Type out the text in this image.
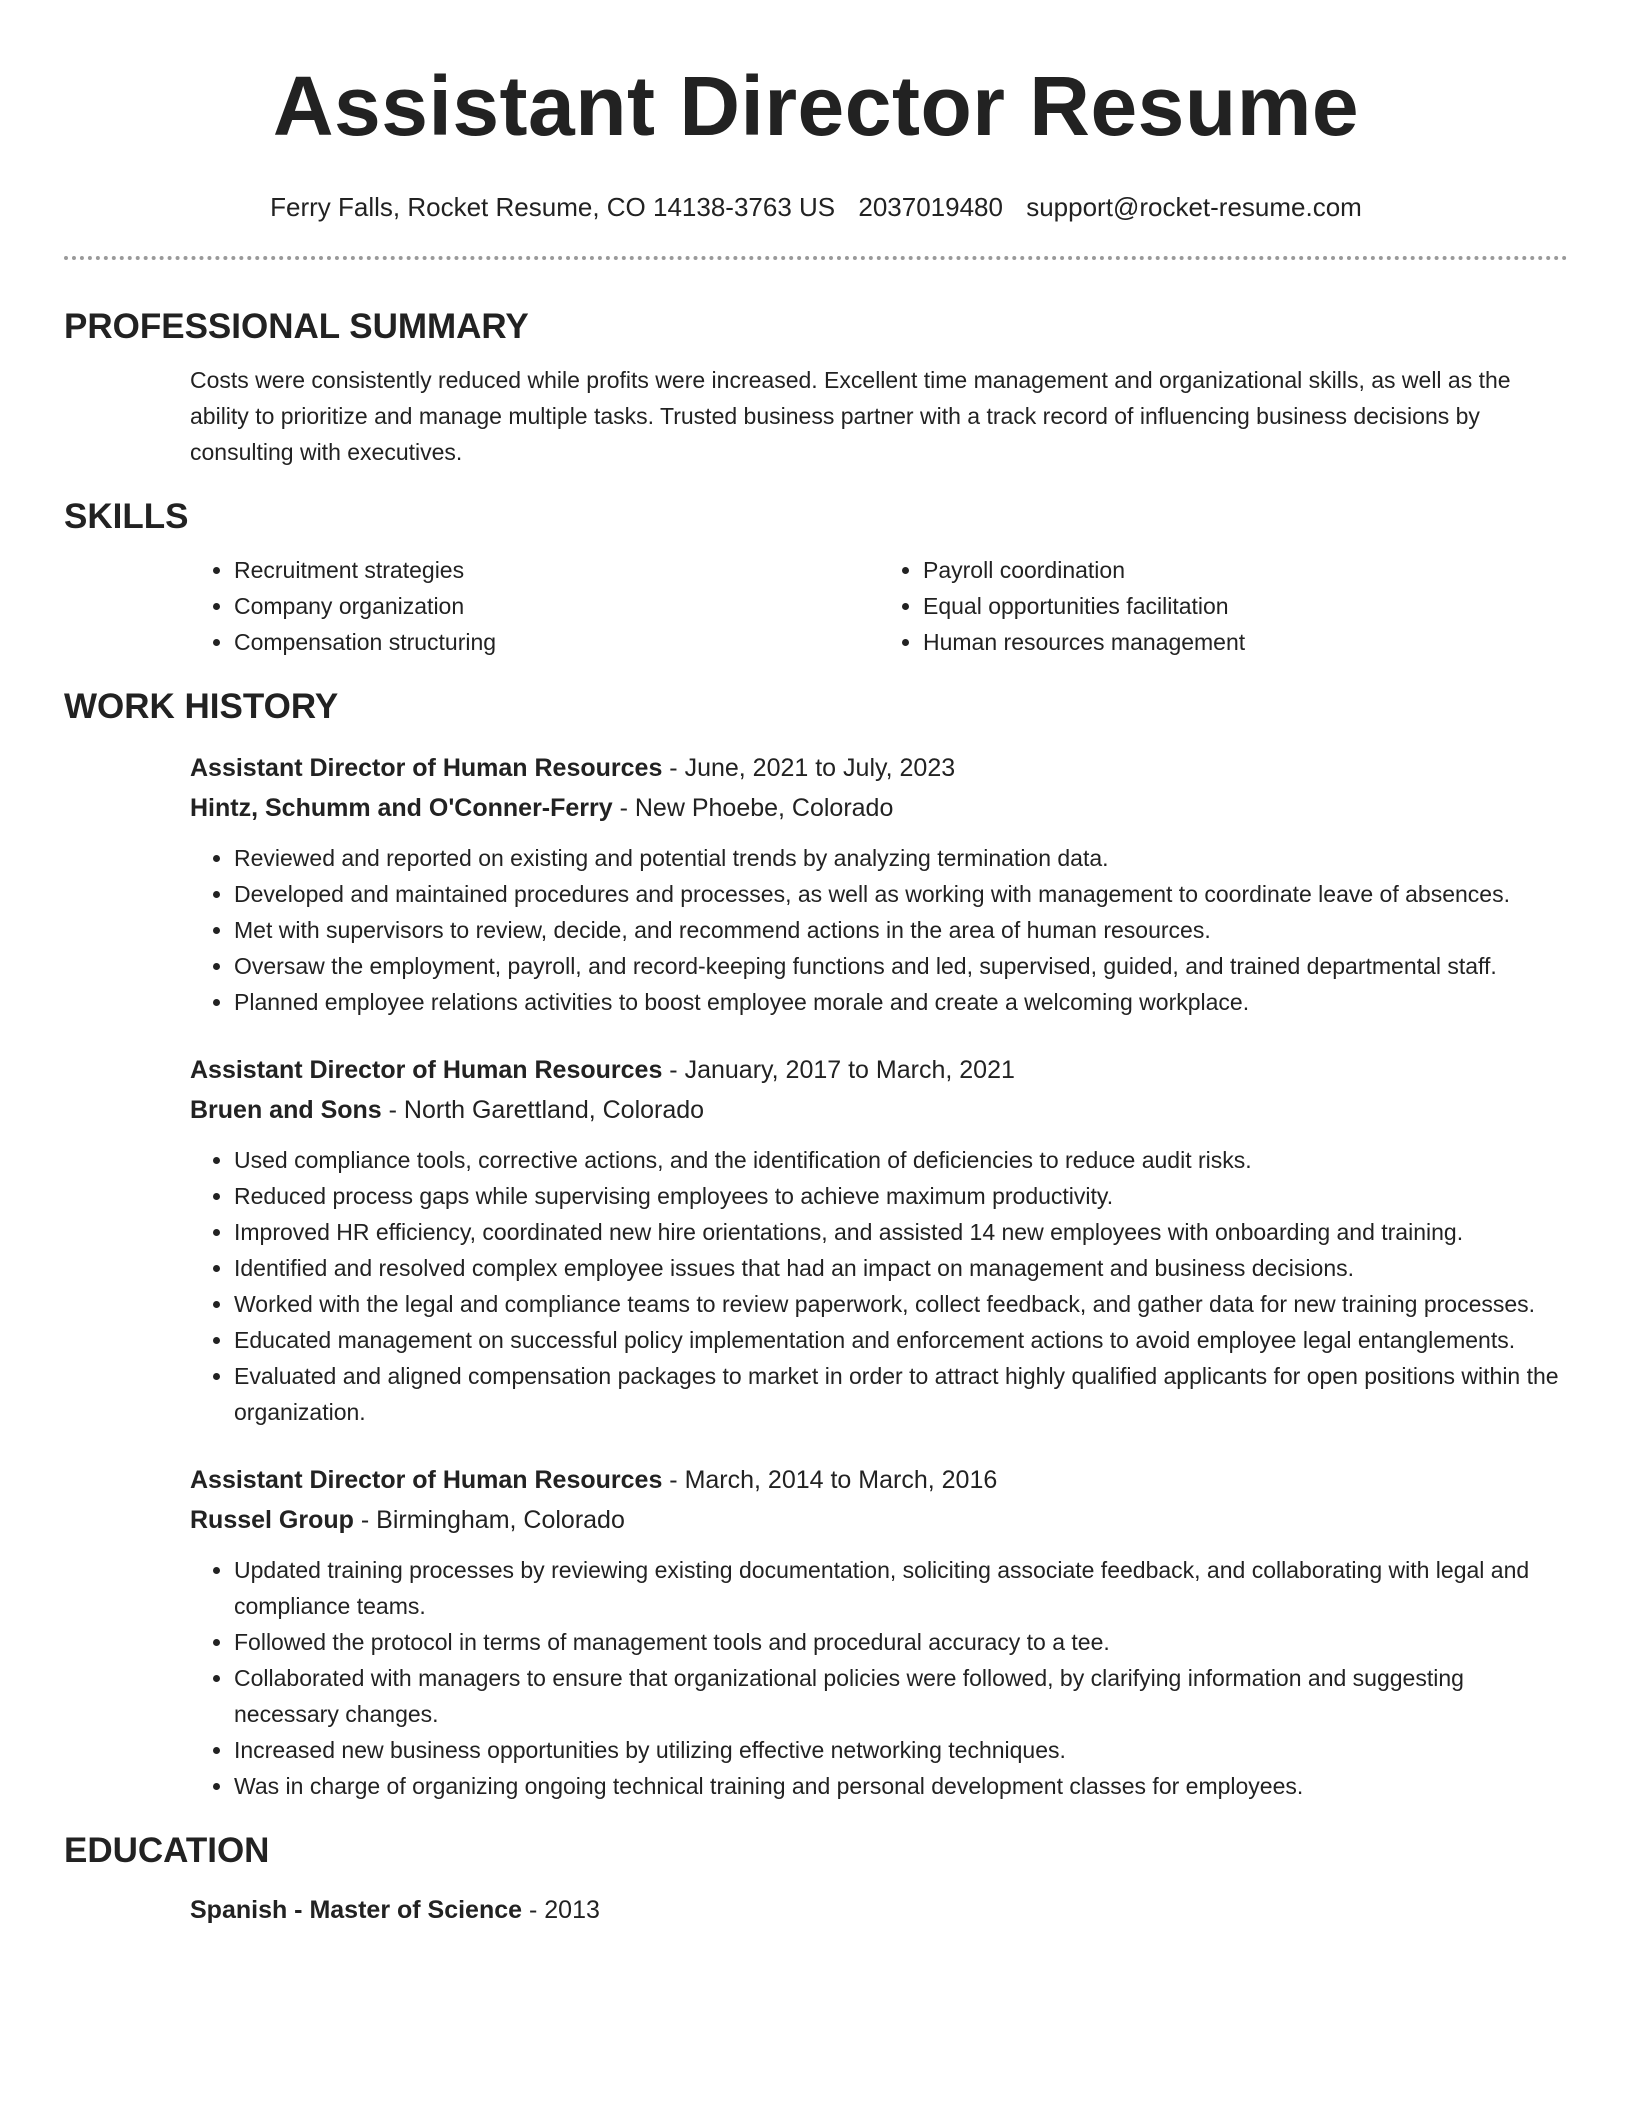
Assistant Director Resume
Ferry Falls, Rocket Resume, CO 14138-3763 US 2037019480 support@rocket-resume.com
PROFESSIONAL SUMMARY

Costs were consistently reduced while profits were increased. Excellent time management and organizational skills, as well as the ability to prioritize and manage multiple tasks. Trusted business partner with a track record of influencing business decisions by consulting with executives.

SKILLS
• Recruitment strategies
• Company organization
• Compensation structuring
• Payroll coordination
• Equal opportunities facilitation
• Human resources management
WORK HISTORY
Assistant Director of Human Resources - June, 2021 to July, 2023
Hintz, Schumm and O'Conner-Ferry - New Phoebe, Colorado
• Reviewed and reported on existing and potential trends by analyzing termination data.
• Developed and maintained procedures and processes, as well as working with management to coordinate leave of absences.
• Met with supervisors to review, decide, and recommend actions in the area of human resources.
• Oversaw the employment, payroll, and record-keeping functions and led, supervised, guided, and trained departmental staff.
• Planned employee relations activities to boost employee morale and create a welcoming workplace.
Assistant Director of Human Resources - January, 2017 to March, 2021
Bruen and Sons - North Garettland, Colorado
• Used compliance tools, corrective actions, and the identification of deficiencies to reduce audit risks.
• Reduced process gaps while supervising employees to achieve maximum productivity.
• Improved HR efficiency, coordinated new hire orientations, and assisted 14 new employees with onboarding and training.
• Identified and resolved complex employee issues that had an impact on management and business decisions.
• Worked with the legal and compliance teams to review paperwork, collect feedback, and gather data for new training processes.
• Educated management on successful policy implementation and enforcement actions to avoid employee legal entanglements.
• Evaluated and aligned compensation packages to market in order to attract highly qualified applicants for open positions within the organization.
Assistant Director of Human Resources - March, 2014 to March, 2016
Russel Group - Birmingham, Colorado
• Updated training processes by reviewing existing documentation, soliciting associate feedback, and collaborating with legal and compliance teams.
• Followed the protocol in terms of management tools and procedural accuracy to a tee.
• Collaborated with managers to ensure that organizational policies were followed, by clarifying information and suggesting necessary changes.
• Increased new business opportunities by utilizing effective networking techniques.
• Was in charge of organizing ongoing technical training and personal development classes for employees.
EDUCATION
Spanish - Master of Science - 2013
